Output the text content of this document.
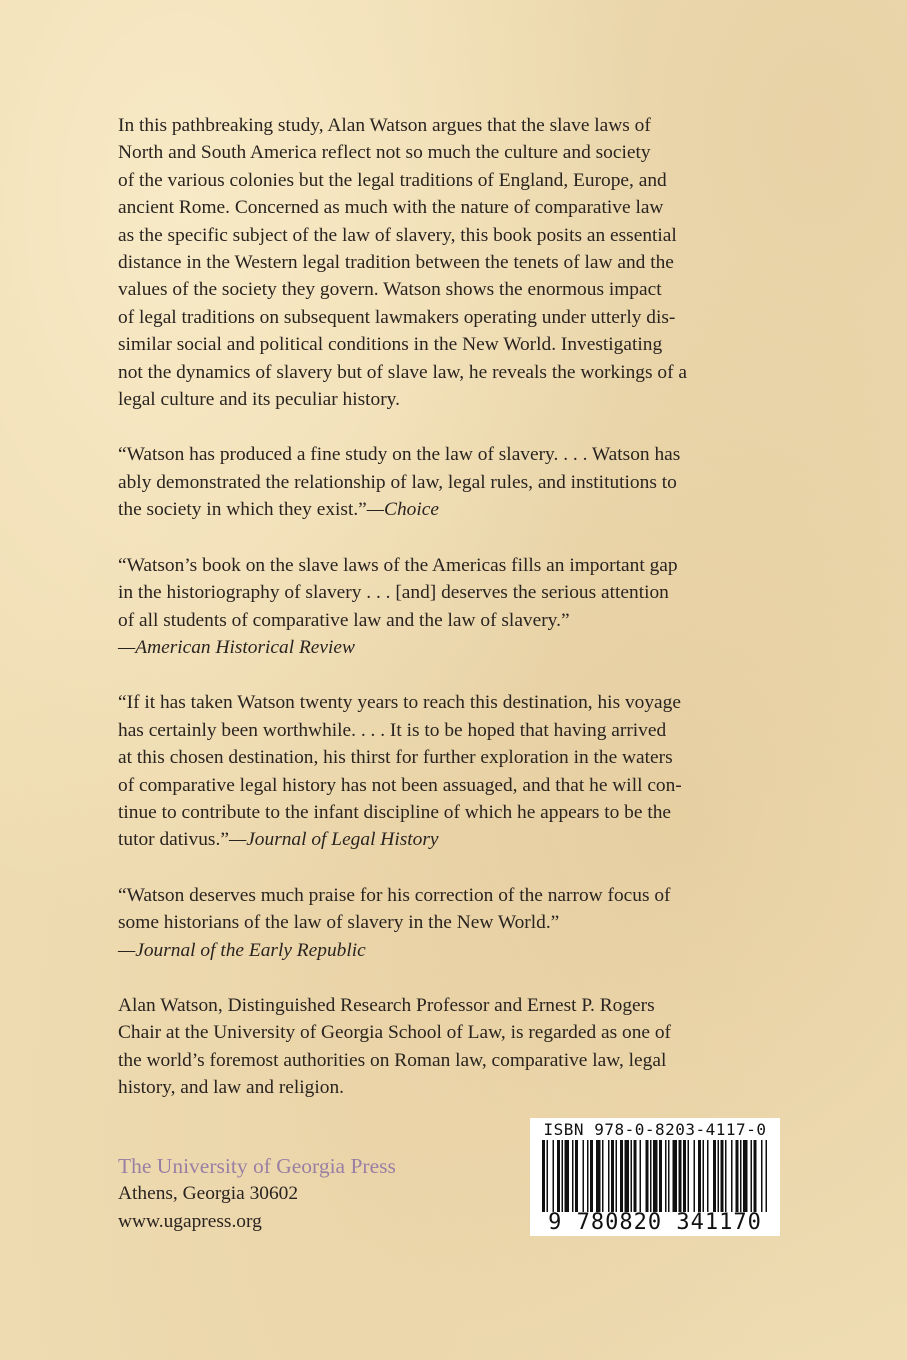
In this pathbreaking study, Alan Watson argues that the slave laws of
North and South America reflect not so much the culture and society
of the various colonies but the legal traditions of England, Europe, and
ancient Rome. Concerned as much with the nature of comparative law
as the specific subject of the law of slavery, this book posits an essential
distance in the Western legal tradition between the tenets of law and the
values of the society they govern. Watson shows the enormous impact
of legal traditions on subsequent lawmakers operating under utterly dis-
similar social and political conditions in the New World. Investigating
not the dynamics of slavery but of slave law, he reveals the workings of a
legal culture and its peculiar history.

“Watson has produced a fine study on the law of slavery. . . . Watson has
ably demonstrated the relationship of law, legal rules, and institutions to
the society in which they exist.”—Choice

“Watson’s book on the slave laws of the Americas fills an important gap
in the historiography of slavery . . . [and] deserves the serious attention
of all students of comparative law and the law of slavery.”
—American Historical Review

“If it has taken Watson twenty years to reach this destination, his voyage
has certainly been worthwhile. . . . It is to be hoped that having arrived
at this chosen destination, his thirst for further exploration in the waters
of comparative legal history has not been assuaged, and that he will con-
tinue to contribute to the infant discipline of which he appears to be the
tutor dativus.”—Journal of Legal History

“Watson deserves much praise for his correction of the narrow focus of
some historians of the law of slavery in the New World.”
—Journal of the Early Republic

Alan Watson, Distinguished Research Professor and Ernest P. Rogers
Chair at the University of Georgia School of Law, is regarded as one of
the world’s foremost authorities on Roman law, comparative law, legal
history, and law and religion.

The University of Georgia Press
Athens, Georgia 30602
www.ugapress.org
ISBN 978-0-8203-4117-0
9 780820 341170
